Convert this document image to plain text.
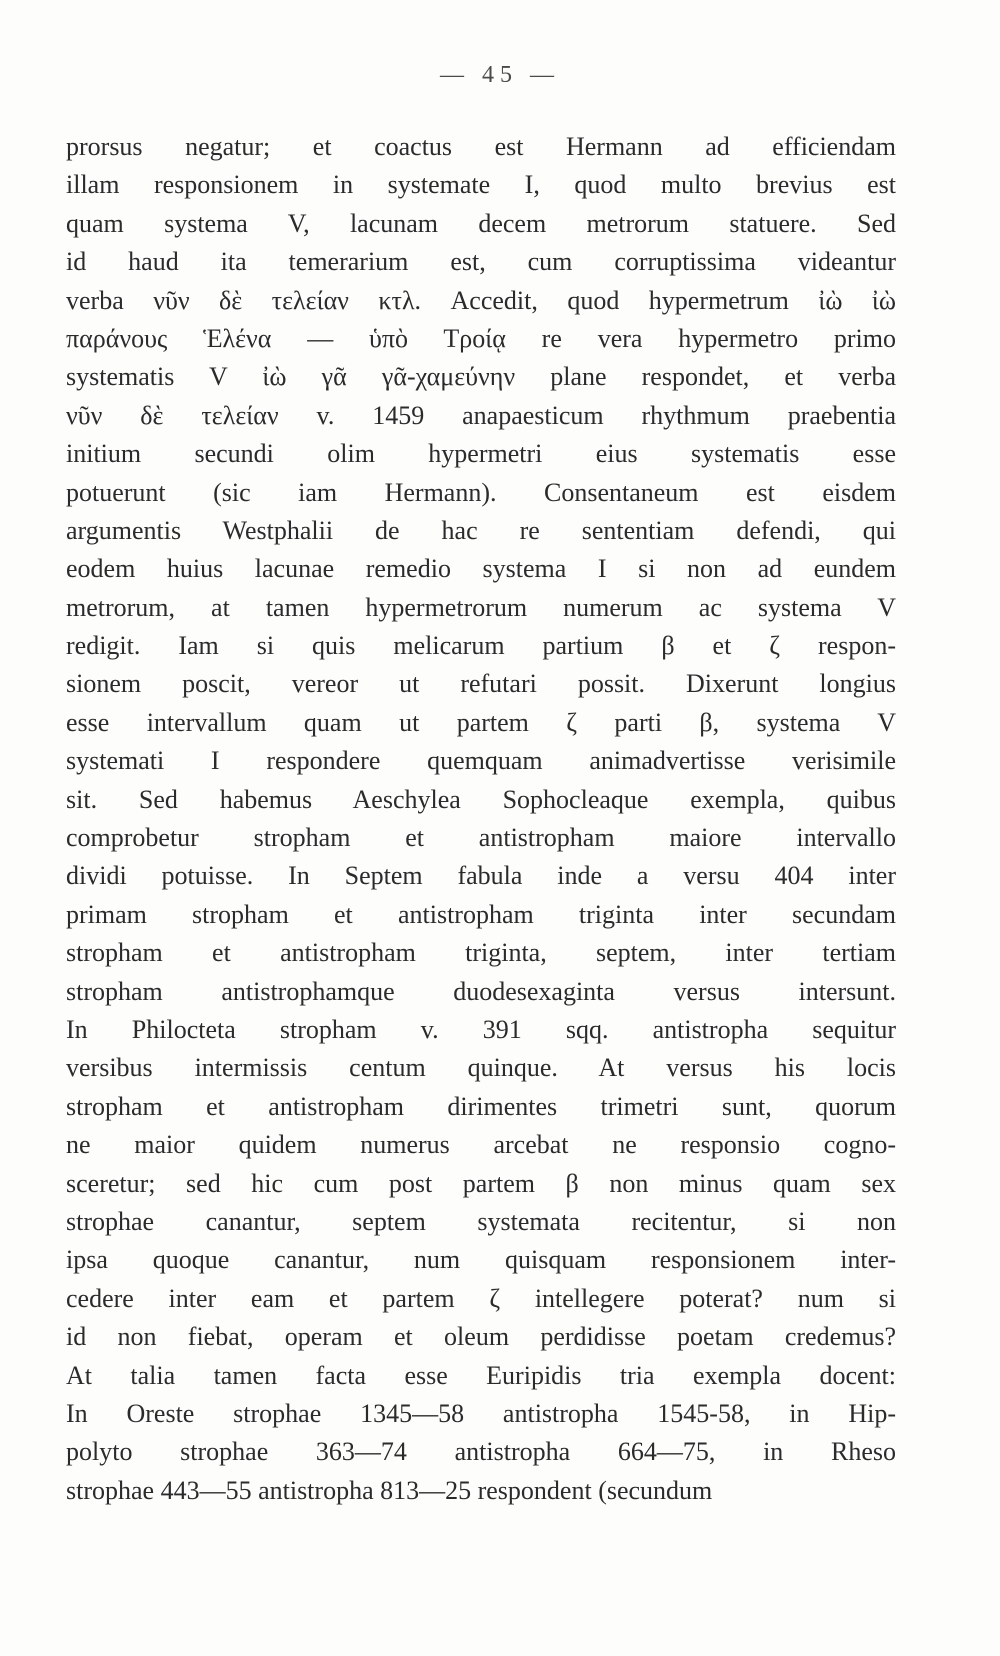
— 45 —
prorsus negatur; et coactus est Hermann ad efficiendam
illam responsionem in systemate I, quod multo brevius est
quam systema V, lacunam decem metrorum statuere. Sed
id haud ita temerarium est, cum corruptissima videantur
verba νῦν δὲ τελείαν κτλ. Accedit, quod hypermetrum ἰὼ ἰὼ
παράνους Ἑλένα — ὑπὸ Τροίᾳ re vera hypermetro primo
systematis V ἰὼ γᾶ γᾶ-χαμεύνην plane respondet, et verba
νῦν δὲ τελείαν v. 1459 anapaesticum rhythmum praebentia
initium secundi olim hypermetri eius systematis esse
potuerunt (sic iam Hermann). Consentaneum est eisdem
argumentis Westphalii de hac re sententiam defendi, qui
eodem huius lacunae remedio systema I si non ad eundem
metrorum, at tamen hypermetrorum numerum ac systema V
redigit. Iam si quis melicarum partium β et ζ respon-
sionem poscit, vereor ut refutari possit. Dixerunt longius
esse intervallum quam ut partem ζ parti β, systema V
systemati I respondere quemquam animadvertisse verisimile
sit. Sed habemus Aeschylea Sophocleaque exempla, quibus
comprobetur stropham et antistropham maiore intervallo
dividi potuisse. In Septem fabula inde a versu 404 inter
primam stropham et antistropham triginta inter secundam
stropham et antistropham triginta, septem, inter tertiam
stropham antistrophamque duodesexaginta versus intersunt.
In Philocteta stropham v. 391 sqq. antistropha sequitur
versibus intermissis centum quinque. At versus his locis
stropham et antistropham dirimentes trimetri sunt, quorum
ne maior quidem numerus arcebat ne responsio cogno-
sceretur; sed hic cum post partem β non minus quam sex
strophae canantur, septem systemata recitentur, si non
ipsa quoque canantur, num quisquam responsionem inter-
cedere inter eam et partem ζ intellegere poterat? num si
id non fiebat, operam et oleum perdidisse poetam credemus?
At talia tamen facta esse Euripidis tria exempla docent:
In Oreste strophae 1345—58 antistropha 1545-58, in Hip-
polyto strophae 363—74 antistropha 664—75, in Rheso
strophae 443—55 antistropha 813—25 respondent (secundum
